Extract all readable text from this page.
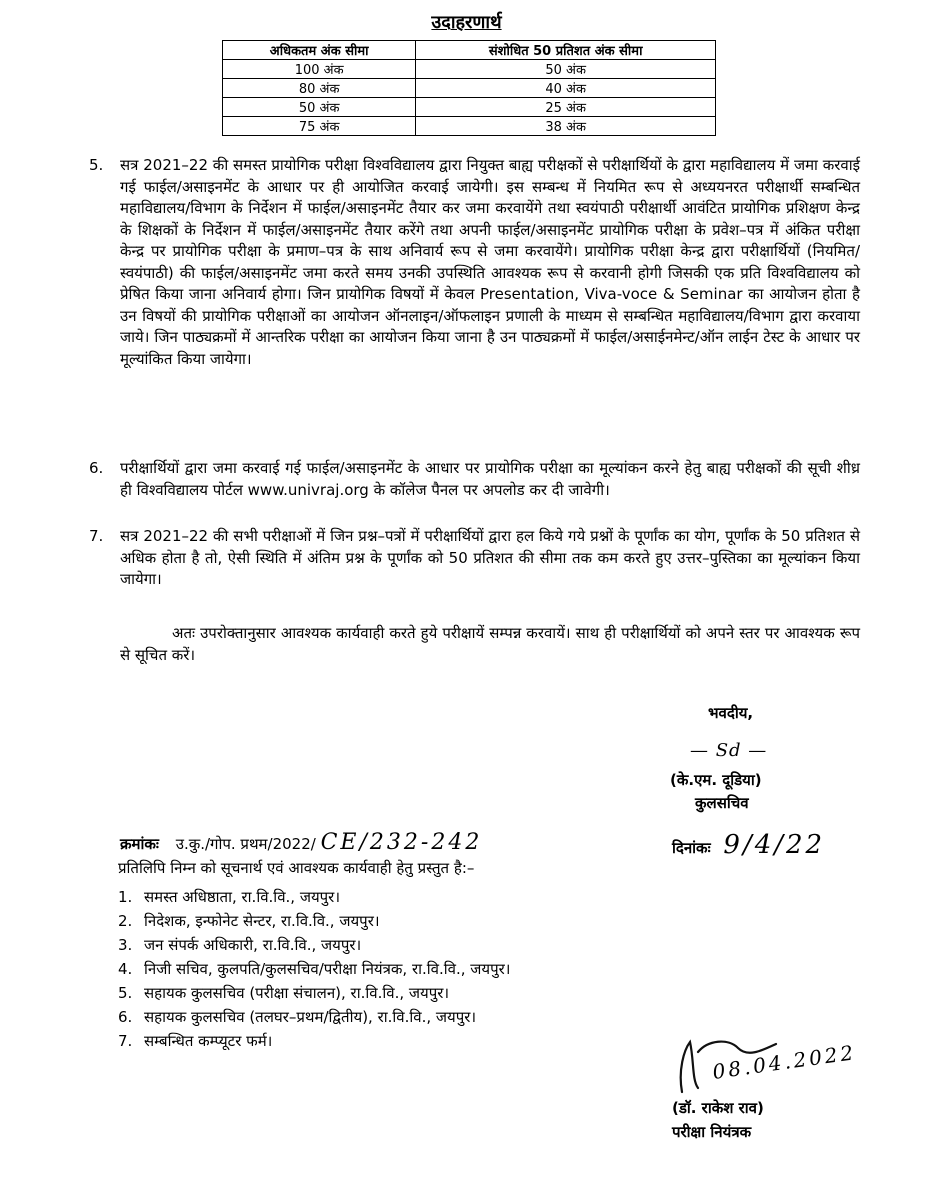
उदाहरणार्थ
अधिकतम अंक सीमा	संशोधित 50 प्रतिशत अंक सीमा
100 अंक	50 अंक
80 अंक	40 अंक
50 अंक	25 अंक
75 अंक	38 अंक
5. सत्र 2021–22 की समस्त प्रायोगिक परीक्षा विश्वविद्यालय द्वारा नियुक्त बाह्य परीक्षकों से परीक्षार्थियों के द्वारा महाविद्यालय में जमा करवाई गई फाईल/असाइनमेंट के आधार पर ही आयोजित करवाई जायेगी। इस सम्बन्ध में नियमित रूप से अध्ययनरत परीक्षार्थी सम्बन्धित महाविद्यालय/विभाग के निर्देशन में फाईल/असाइनमेंट तैयार कर जमा करवायेंगे तथा स्वयंपाठी परीक्षार्थी आवंटित प्रायोगिक प्रशिक्षण केन्द्र के शिक्षकों के निर्देशन में फाईल/असाइनमेंट तैयार करेंगे तथा अपनी फाईल/असाइनमेंट प्रायोगिक परीक्षा के प्रवेश–पत्र में अंकित परीक्षा केन्द्र पर प्रायोगिक परीक्षा के प्रमाण–पत्र के साथ अनिवार्य रूप से जमा करवायेंगे। प्रायोगिक परीक्षा केन्द्र द्वारा परीक्षार्थियों (नियमित/स्वयंपाठी) की फाईल/असाइनमेंट जमा करते समय उनकी उपस्थिति आवश्यक रूप से करवानी होगी जिसकी एक प्रति विश्वविद्यालय को प्रेषित किया जाना अनिवार्य होगा। जिन प्रायोगिक विषयों में केवल Presentation, Viva-voce & Seminar का आयोजन होता है उन विषयों की प्रायोगिक परीक्षाओं का आयोजन ऑनलाइन/ऑफलाइन प्रणाली के माध्यम से सम्बन्धित महाविद्यालय/विभाग द्वारा करवाया जाये। जिन पाठ्यक्रमों में आन्तरिक परीक्षा का आयोजन किया जाना है उन पाठ्यक्रमों में फाईल/असाईनमेन्ट/ऑन लाईन टेस्ट के आधार पर मूल्यांकित किया जायेगा।
6. परीक्षार्थियों द्वारा जमा करवाई गई फाईल/असाइनमेंट के आधार पर प्रायोगिक परीक्षा का मूल्यांकन करने हेतु बाह्य परीक्षकों की सूची शीध्र ही विश्वविद्यालय पोर्टल www.univraj.org के कॉलेज पैनल पर अपलोड कर दी जावेगी।
7. सत्र 2021–22 की सभी परीक्षाओं में जिन प्रश्न–पत्रों में परीक्षार्थियों द्वारा हल किये गये प्रश्नों के पूर्णांक का योग, पूर्णांक के 50 प्रतिशत से अधिक होता है तो, ऐसी स्थिति में अंतिम प्रश्न के पूर्णांक को 50 प्रतिशत की सीमा तक कम करते हुए उत्तर–पुस्तिका का मूल्यांकन किया जायेगा।
अतः उपरोक्तानुसार आवश्यक कार्यवाही करते हुये परीक्षायें सम्पन्न करवायें। साथ ही परीक्षार्थियों को अपने स्तर पर आवश्यक रूप से सूचित करें।
भवदीय,
— Sd —
(के.एम. दूडिया)
कुलसचिव
क्रमांकः उ.कु./गोप. प्रथम/2022/ CE/232-242	दिनांकः 9/4/22
प्रतिलिपि निम्न को सूचनार्थ एवं आवश्यक कार्यवाही हेतु प्रस्तुत है:–
1. समस्त अधिष्ठाता, रा.वि.वि., जयपुर।
2. निदेशक, इन्फोनेट सेन्टर, रा.वि.वि., जयपुर।
3. जन संपर्क अधिकारी, रा.वि.वि., जयपुर।
4. निजी सचिव, कुलपति/कुलसचिव/परीक्षा नियंत्रक, रा.वि.वि., जयपुर।
5. सहायक कुलसचिव (परीक्षा संचालन), रा.वि.वि., जयपुर।
6. सहायक कुलसचिव (तलघर–प्रथम/द्वितीय), रा.वि.वि., जयपुर।
7. सम्बन्धित कम्प्यूटर फर्म।	08.04.2022
(डॉ. राकेश राव)
परीक्षा नियंत्रक
